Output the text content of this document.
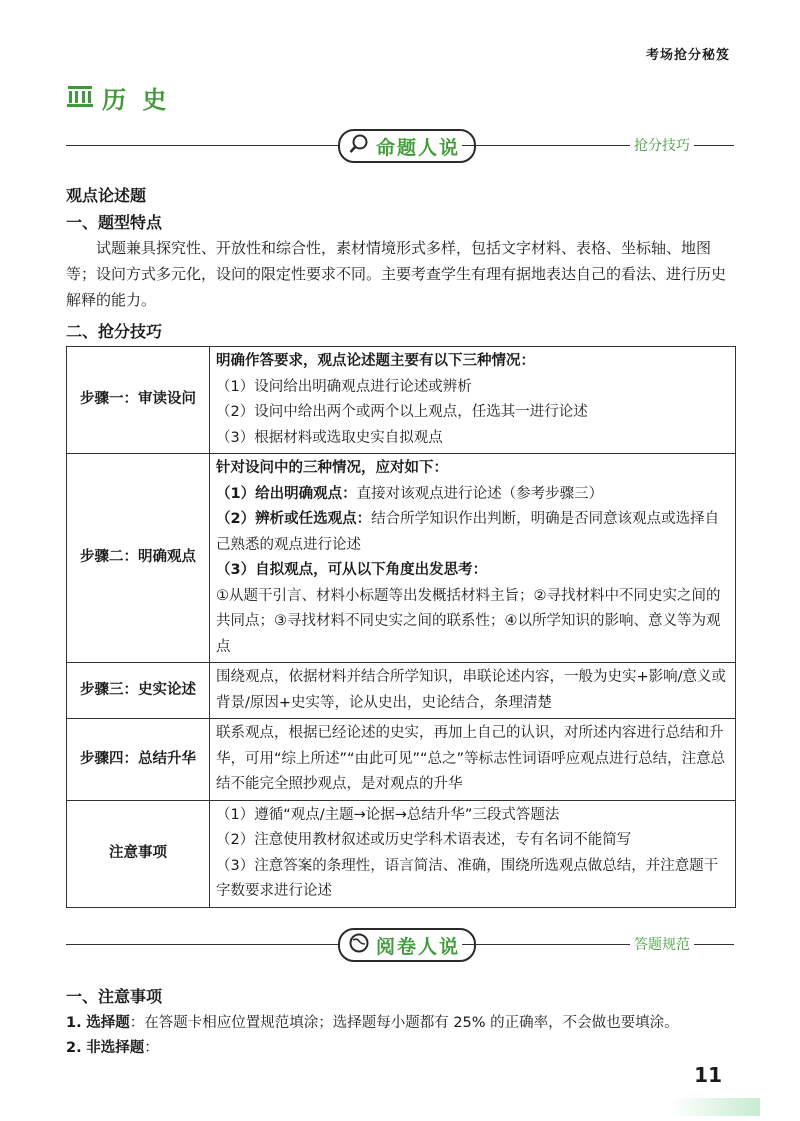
考场抢分秘笈
历 史
命题人说	抢分技巧
观点论述题
一、题型特点
试题兼具探究性、开放性和综合性，素材情境形式多样，包括文字材料、表格、坐标轴、地图等；设问方式多元化，设问的限定性要求不同。主要考查学生有理有据地表达自己的看法、进行历史解释的能力。
二、抢分技巧
步骤一：审读设问	明确作答要求，观点论述题主要有以下三种情况：
（1）设问给出明确观点进行论述或辨析
（2）设问中给出两个或两个以上观点，任选其一进行论述
（3）根据材料或选取史实自拟观点

步骤二：明确观点	针对设问中的三种情况，应对如下：
（1）给出明确观点：直接对该观点进行论述（参考步骤三）
（2）辨析或任选观点：结合所学知识作出判断，明确是否同意该观点或选择自己熟悉的观点进行论述
（3）自拟观点，可从以下角度出发思考：
①从题干引言、材料小标题等出发概括材料主旨；②寻找材料中不同史实之间的共同点；③寻找材料不同史实之间的联系性；④以所学知识的影响、意义等为观点

步骤三：史实论述	围绕观点，依据材料并结合所学知识，串联论述内容，一般为史实+影响/意义或背景/原因+史实等，论从史出，史论结合，条理清楚

步骤四：总结升华	联系观点，根据已经论述的史实，再加上自己的认识，对所述内容进行总结和升华，可用“综上所述”“由此可见”“总之”等标志性词语呼应观点进行总结，注意总结不能完全照抄观点，是对观点的升华

注意事项	（1）遵循“观点/主题→论据→总结升华”三段式答题法
（2）注意使用教材叙述或历史学科术语表述，专有名词不能简写
（3）注意答案的条理性，语言简洁、准确，围绕所选观点做总结，并注意题干字数要求进行论述
阅卷人说	答题规范
一、注意事项
1. 选择题：在答题卡相应位置规范填涂；选择题每小题都有 25% 的正确率，不会做也要填涂。
2. 非选择题：
11
